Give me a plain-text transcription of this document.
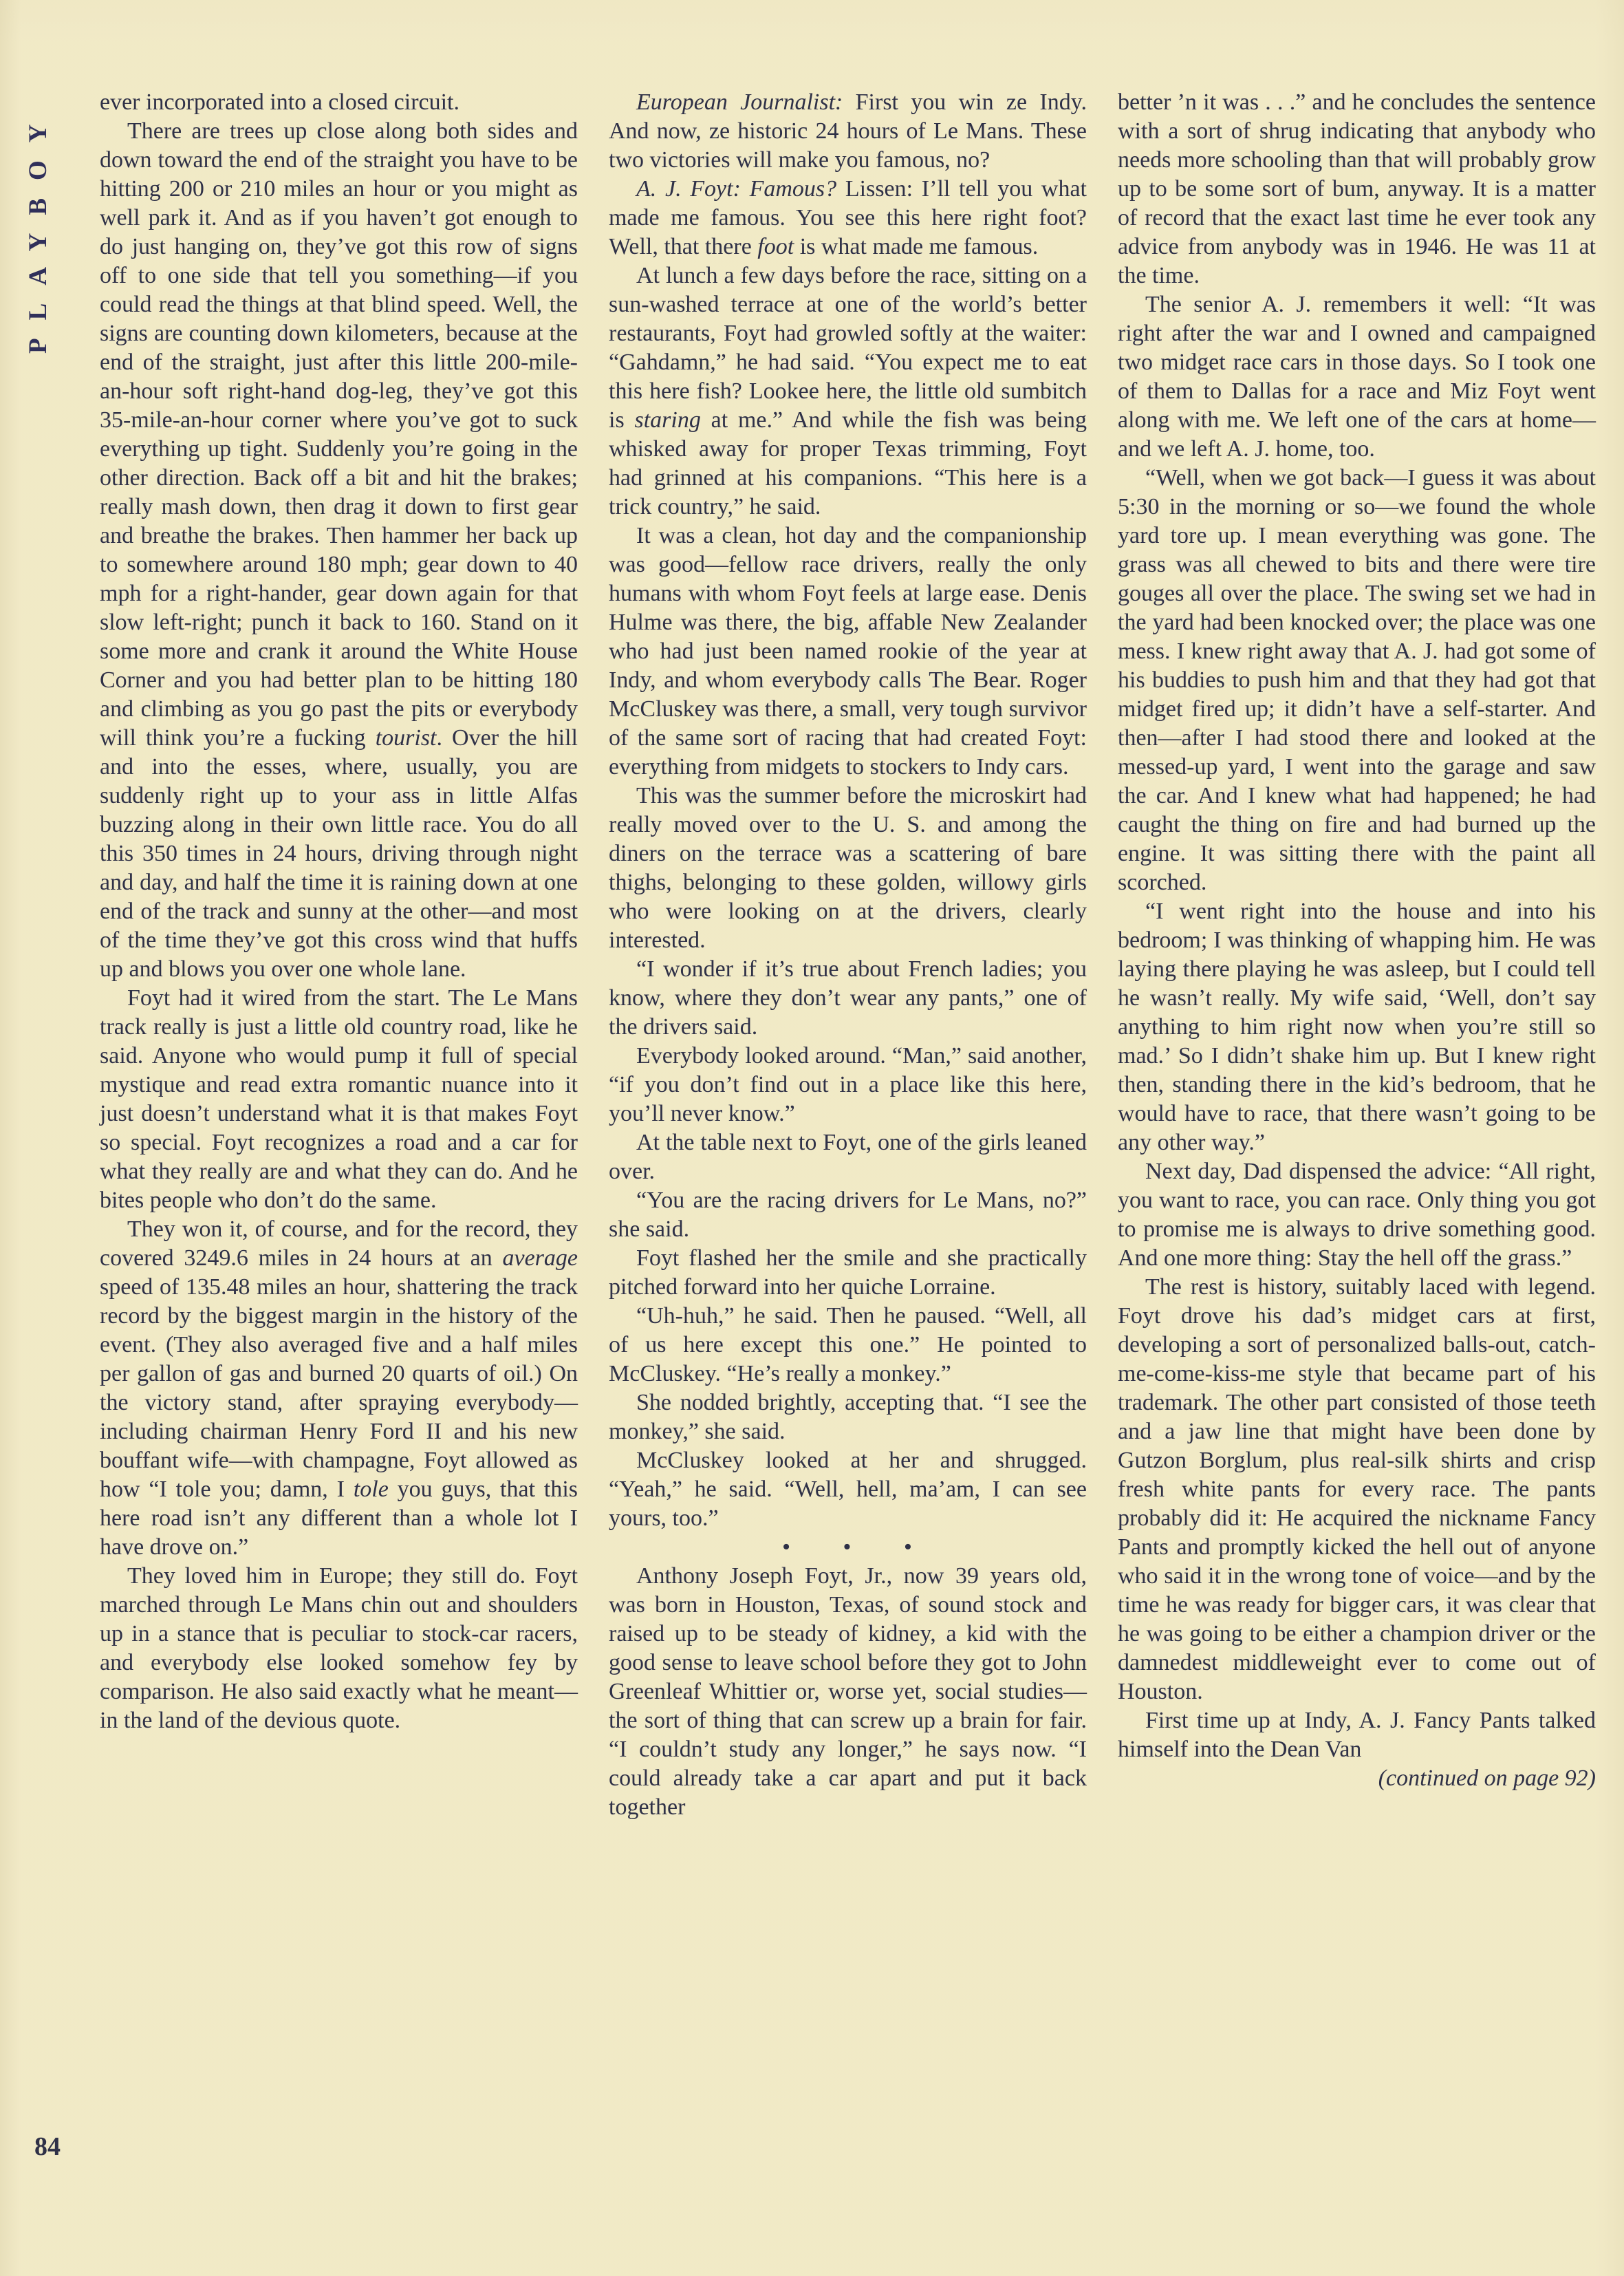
PLAYBOY

ever incorporated into a closed circuit.

There are trees up close along both sides and down toward the end of the straight you have to be hitting 200 or 210 miles an hour or you might as well park it. And as if you haven’t got enough to do just hanging on, they’ve got this row of signs off to one side that tell you something—if you could read the things at that blind speed. Well, the signs are counting down kilometers, because at the end of the straight, just after this little 200-mile-an-hour soft right-hand dog-leg, they’ve got this 35-mile-an-hour corner where you’ve got to suck everything up tight. Suddenly you’re going in the other direction. Back off a bit and hit the brakes; really mash down, then drag it down to first gear and breathe the brakes. Then hammer her back up to somewhere around 180 mph; gear down to 40 mph for a right-hander, gear down again for that slow left-right; punch it back to 160. Stand on it some more and crank it around the White House Corner and you had better plan to be hitting 180 and climbing as you go past the pits or everybody will think you’re a fucking tourist. Over the hill and into the esses, where, usually, you are suddenly right up to your ass in little Alfas buzzing along in their own little race. You do all this 350 times in 24 hours, driving through night and day, and half the time it is raining down at one end of the track and sunny at the other—and most of the time they’ve got this cross wind that huffs up and blows you over one whole lane.

Foyt had it wired from the start. The Le Mans track really is just a little old country road, like he said. Anyone who would pump it full of special mystique and read extra romantic nuance into it just doesn’t understand what it is that makes Foyt so special. Foyt recognizes a road and a car for what they really are and what they can do. And he bites people who don’t do the same.

They won it, of course, and for the record, they covered 3249.6 miles in 24 hours at an average speed of 135.48 miles an hour, shattering the track record by the biggest margin in the history of the event. (They also averaged five and a half miles per gallon of gas and burned 20 quarts of oil.) On the victory stand, after spraying everybody—including chairman Henry Ford II and his new bouffant wife—with champagne, Foyt allowed as how “I tole you; damn, I tole you guys, that this here road isn’t any different than a whole lot I have drove on.”

They loved him in Europe; they still do. Foyt marched through Le Mans chin out and shoulders up in a stance that is peculiar to stock-car racers, and everybody else looked somehow fey by comparison. He also said exactly what he meant—in the land of the devious quote.

European Journalist: First you win ze Indy. And now, ze historic 24 hours of Le Mans. These two victories will make you famous, no?

A. J. Foyt: Famous? Lissen: I’ll tell you what made me famous. You see this here right foot? Well, that there foot is what made me famous.

At lunch a few days before the race, sitting on a sun-washed terrace at one of the world’s better restaurants, Foyt had growled softly at the waiter: “Gahdamn,” he had said. “You expect me to eat this here fish? Lookee here, the little old sumbitch is staring at me.” And while the fish was being whisked away for proper Texas trimming, Foyt had grinned at his companions. “This here is a trick country,” he said.

It was a clean, hot day and the companionship was good—fellow race drivers, really the only humans with whom Foyt feels at large ease. Denis Hulme was there, the big, affable New Zealander who had just been named rookie of the year at Indy, and whom everybody calls The Bear. Roger McCluskey was there, a small, very tough survivor of the same sort of racing that had created Foyt: everything from midgets to stockers to Indy cars.

This was the summer before the microskirt had really moved over to the U. S. and among the diners on the terrace was a scattering of bare thighs, belonging to these golden, willowy girls who were looking on at the drivers, clearly interested.

“I wonder if it’s true about French ladies; you know, where they don’t wear any pants,” one of the drivers said.

Everybody looked around. “Man,” said another, “if you don’t find out in a place like this here, you’ll never know.”

At the table next to Foyt, one of the girls leaned over.

“You are the racing drivers for Le Mans, no?” she said.

Foyt flashed her the smile and she practically pitched forward into her quiche Lorraine.

“Uh-huh,” he said. Then he paused. “Well, all of us here except this one.” He pointed to McCluskey. “He’s really a monkey.”

She nodded brightly, accepting that. “I see the monkey,” she said.

McCluskey looked at her and shrugged. “Yeah,” he said. “Well, hell, ma’am, I can see yours, too.”

• • •

Anthony Joseph Foyt, Jr., now 39 years old, was born in Houston, Texas, of sound stock and raised up to be steady of kidney, a kid with the good sense to leave school before they got to John Greenleaf Whittier or, worse yet, social studies—the sort of thing that can screw up a brain for fair. “I couldn’t study any longer,” he says now. “I could already take a car apart and put it back together

better ’n it was . . .” and he concludes the sentence with a sort of shrug indicating that anybody who needs more schooling than that will probably grow up to be some sort of bum, anyway. It is a matter of record that the exact last time he ever took any advice from anybody was in 1946. He was 11 at the time.

The senior A. J. remembers it well: “It was right after the war and I owned and campaigned two midget race cars in those days. So I took one of them to Dallas for a race and Miz Foyt went along with me. We left one of the cars at home—and we left A. J. home, too.

“Well, when we got back—I guess it was about 5:30 in the morning or so—we found the whole yard tore up. I mean everything was gone. The grass was all chewed to bits and there were tire gouges all over the place. The swing set we had in the yard had been knocked over; the place was one mess. I knew right away that A. J. had got some of his buddies to push him and that they had got that midget fired up; it didn’t have a self-starter. And then—after I had stood there and looked at the messed-up yard, I went into the garage and saw the car. And I knew what had happened; he had caught the thing on fire and had burned up the engine. It was sitting there with the paint all scorched.

“I went right into the house and into his bedroom; I was thinking of whapping him. He was laying there playing he was asleep, but I could tell he wasn’t really. My wife said, ‘Well, don’t say anything to him right now when you’re still so mad.’ So I didn’t shake him up. But I knew right then, standing there in the kid’s bedroom, that he would have to race, that there wasn’t going to be any other way.”

Next day, Dad dispensed the advice: “All right, you want to race, you can race. Only thing you got to promise me is always to drive something good. And one more thing: Stay the hell off the grass.”

The rest is history, suitably laced with legend. Foyt drove his dad’s midget cars at first, developing a sort of personalized balls-out, catch-me-come-kiss-me style that became part of his trademark. The other part consisted of those teeth and a jaw line that might have been done by Gutzon Borglum, plus real-silk shirts and crisp fresh white pants for every race. The pants probably did it: He acquired the nickname Fancy Pants and promptly kicked the hell out of anyone who said it in the wrong tone of voice—and by the time he was ready for bigger cars, it was clear that he was going to be either a champion driver or the damnedest middleweight ever to come out of Houston.

First time up at Indy, A. J. Fancy Pants talked himself into the Dean Van

(continued on page 92)
84
